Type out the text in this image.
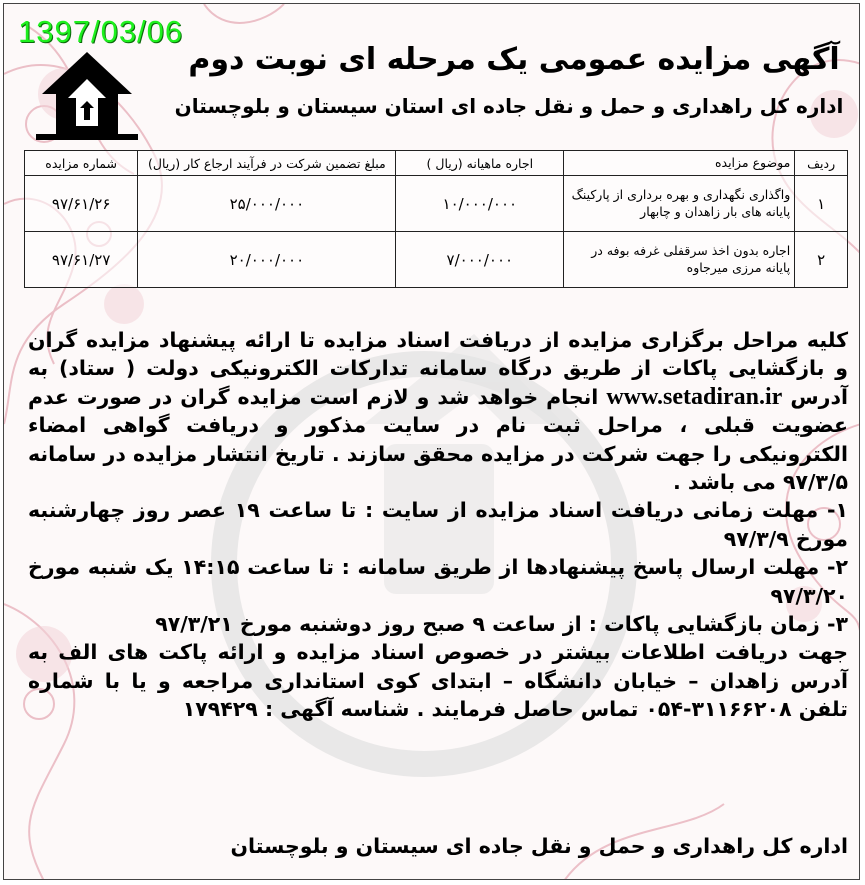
1397/03/06
آگهی مزایده عمومی یک مرحله ای نوبت دوم
اداره کل راهداری و حمل و نقل جاده ای استان سیستان و بلوچستان
ردیف	موضوع مزایده	اجاره ماهیانه (ریال )	مبلغ تضمین شرکت در فرآیند ارجاع کار (ریال)	شماره مزایده
۱	واگذاری نگهداری و بهره برداری از پارکینگ پایانه های بار زاهدان و چابهار	۱۰/۰۰۰/۰۰۰	۲۵/۰۰۰/۰۰۰	۹۷/۶۱/۲۶
۲	اجاره بدون اخذ سرقفلی غرفه بوفه در پایانه مرزی میرجاوه	۷/۰۰۰/۰۰۰	۲۰/۰۰۰/۰۰۰	۹۷/۶۱/۲۷

کلیه مراحل برگزاری مزایده از دریافت اسناد مزایده تا ارائه پیشنهاد مزایده گران و بازگشایی پاکات از طریق درگاه سامانه تدارکات الکترونیکی دولت ( ستاد) به آدرس www.setadiran.ir انجام خواهد شد و لازم است مزایده گران در صورت عدم عضویت قبلی ، مراحل ثبت نام در سایت مذکور و دریافت گواهی امضاء الکترونیکی را جهت شرکت در مزایده محقق سازند . تاریخ انتشار مزایده در سامانه ۹۷/۳/۵ می باشد .

۱- مهلت زمانی دریافت اسناد مزایده از سایت : تا ساعت ۱۹ عصر روز چهارشنبه مورخ ۹۷/۳/۹

۲- مهلت ارسال پاسخ پیشنهادها از طریق سامانه : تا ساعت ۱۴:۱۵ یک شنبه مورخ ۹۷/۳/۲۰

۳- زمان بازگشایی پاکات : از ساعت ۹ صبح روز دوشنبه مورخ ۹۷/۳/۲۱

جهت دریافت اطلاعات بیشتر در خصوص اسناد مزایده و ارائه پاکت های الف به آدرس زاهدان – خیابان دانشگاه – ابتدای کوی استانداری مراجعه و یا با شماره تلفن ۳۱۱۶۶۲۰۸-۰۵۴ تماس حاصل فرمایند . شناسه آگهی : ۱۷۹۴۲۹

اداره کل راهداری و حمل و نقل جاده ای سیستان و بلوچستان
